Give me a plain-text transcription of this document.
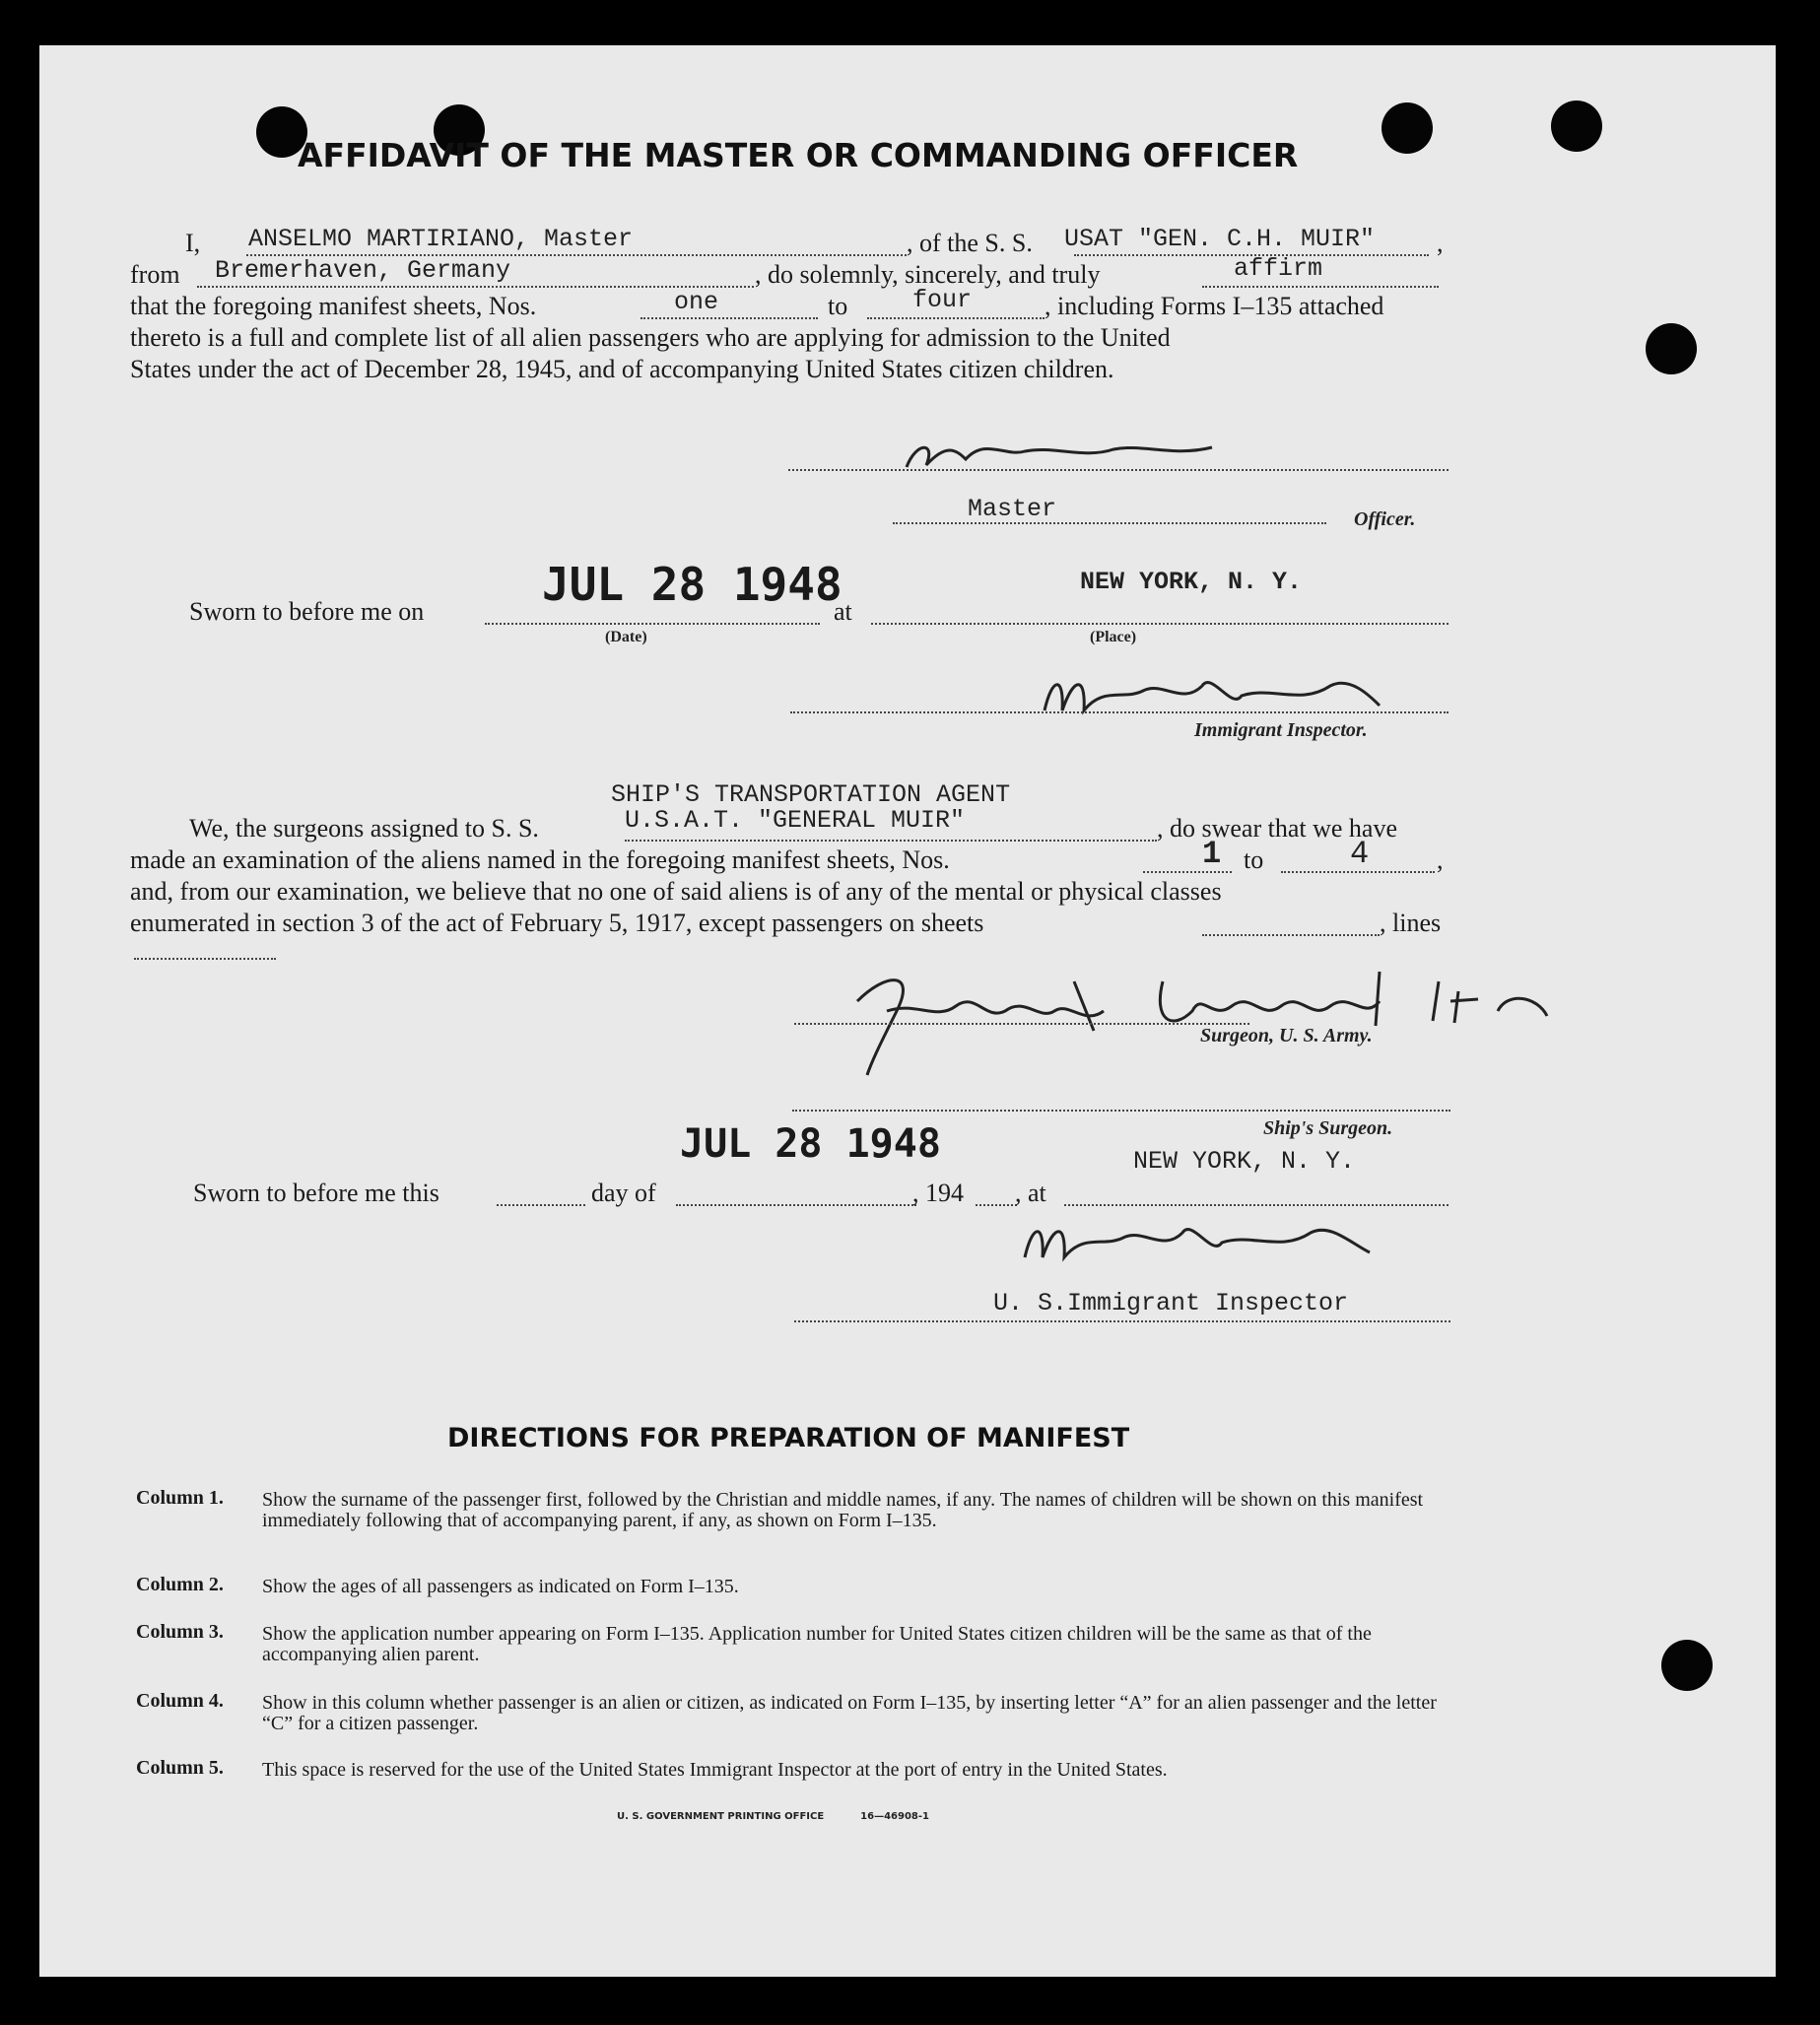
AFFIDAVIT OF THE MASTER OR COMMANDING OFFICER
I, ANSELMO MARTIRIANO, Master	, of the S. S. USAT "GEN. C.H. MUIR" ,
from Bremerhaven, Germany	, do solemnly, sincerely, and truly	affirm
that the foregoing manifest sheets, Nos.	one	to	four	, including Forms I–135 attached
thereto is a full and complete list of all alien passengers who are applying for admission to the United
States under the act of December 28, 1945, and of accompanying United States citizen children.
Master	Officer.
JUL 28 1948
Sworn to before me on
(Date)
at
NEW YORK, N. Y.
(Place)
Immigrant Inspector.
SHIP'S TRANSPORTATION AGENT
We, the surgeons assigned to S. S.	U.S.A.T. "GENERAL MUIR"	, do swear that we have
made an examination of the aliens named in the foregoing manifest sheets, Nos.	1 to	4	,
and, from our examination, we believe that no one of said aliens is of any of the mental or physical classes
enumerated in section 3 of the act of February 5, 1917, except passengers on sheets	, lines
Surgeon, U. S. Army.
Ship's Surgeon.
JUL 28 1948	NEW YORK, N. Y.
Sworn to before me this	day of	, 194 , at
U. S.Immigrant Inspector
DIRECTIONS FOR PREPARATION OF MANIFEST
Column 1. Show the surname of the passenger first, followed by the Christian and middle names, if any. The names of children will be shown on this manifest immediately following that of accompanying parent, if any, as shown on Form I–135.
Column 2. Show the ages of all passengers as indicated on Form I–135.
Column 3. Show the application number appearing on Form I–135. Application number for United States citizen children will be the same as that of the accompanying alien parent.
Column 4. Show in this column whether passenger is an alien or citizen, as indicated on Form I–135, by inserting letter “A” for an alien passenger and the letter “C” for a citizen passenger.
Column 5. This space is reserved for the use of the United States Immigrant Inspector at the port of entry in the United States.
U. S. GOVERNMENT PRINTING OFFICE	16—46908-1
